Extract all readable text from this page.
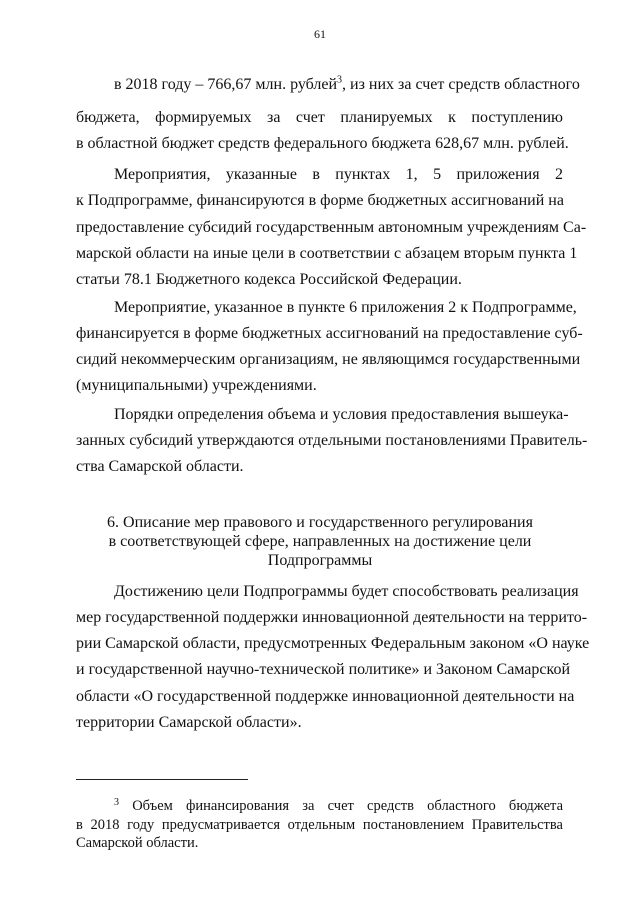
61
в 2018 году – 766,67 млн. рублей$^3$, из них за счет средств областного
бюджета, формируемых за счет планируемых к поступлению
в областной бюджет средств федерального бюджета 628,67 млн. рублей.
Мероприятия, указанные в пунктах 1, 5 приложения 2
к Подпрограмме, финансируются в форме бюджетных ассигнований на
предоставление субсидий государственным автономным учреждениям Са-
марской области на иные цели в соответствии с абзацем вторым пункта 1
статьи 78.1 Бюджетного кодекса Российской Федерации.
Мероприятие, указанное в пункте 6 приложения 2 к Подпрограмме,
финансируется в форме бюджетных ассигнований на предоставление суб-
сидий некоммерческим организациям, не являющимся государственными
(муниципальными) учреждениями.
Порядки определения объема и условия предоставления вышеука-
занных субсидий утверждаются отдельными постановлениями Правитель-
ства Самарской области.
6. Описание мер правового и государственного регулирования
в соответствующей сфере, направленных на достижение цели
Подпрограммы
Достижению цели Подпрограммы будет способствовать реализация
мер государственной поддержки инновационной деятельности на террито-
рии Самарской области, предусмотренных Федеральным законом «О науке
и государственной научно-технической политике» и Законом Самарской
области «О государственной поддержке инновационной деятельности на
территории Самарской области».
$^3$ Объем финансирования за счет средств областного бюджета
в 2018 году предусматривается отдельным постановлением Правительства
Самарской области.
